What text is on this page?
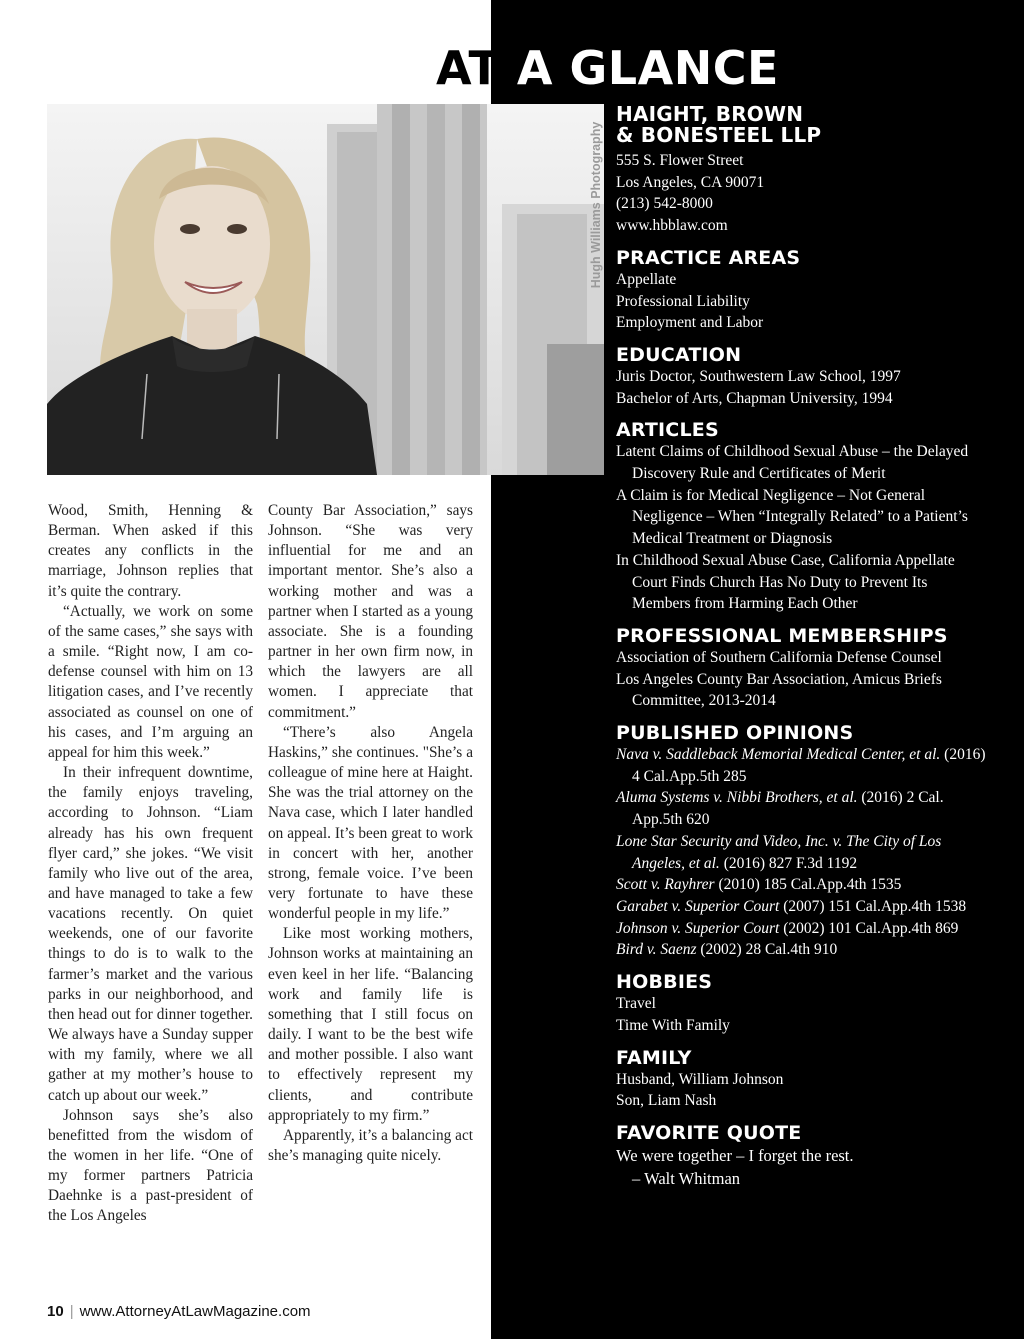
AT A GLANCE
Hugh Williams Photography

Wood, Smith, Henning & Berman. When asked if this creates any conflicts in the marriage, Johnson replies that it’s quite the contrary.

“Actually, we work on some of the same cases,” she says with a smile. “Right now, I am co-defense counsel with him on 13 litigation cases, and I’ve recently associated as counsel on one of his cases, and I’m arguing an appeal for him this week.”

In their infrequent downtime, the family enjoys traveling, according to Johnson. “Liam already has his own frequent flyer card,” she jokes. “We visit family who live out of the area, and have managed to take a few vacations recently. On quiet weekends, one of our favorite things to do is to walk to the farmer’s market and the various parks in our neighborhood, and then head out for dinner together. We always have a Sunday supper with my family, where we all gather at my mother’s house to catch up about our week.”

Johnson says she’s also benefitted from the wisdom of the women in her life. “One of my former partners Patricia Daehnke is a past-president of the Los Angeles

County Bar Association,” says Johnson. “She was very influential for me and an important mentor. She’s also a working mother and was a partner when I started as a young associate. She is a founding partner in her own firm now, in which the lawyers are all women. I appreciate that commitment.”

“There’s also Angela Haskins,” she continues. "She’s a colleague of mine here at Haight. She was the trial attorney on the Nava case, which I later handled on appeal. It’s been great to work in concert with her, another strong, female voice. I’ve been very fortunate to have these wonderful people in my life.”

Like most working mothers, Johnson works at maintaining an even keel in her life. “Balancing work and family life is something that I still focus on daily. I want to be the best wife and mother possible. I also want to effectively represent my clients, and contribute appropriately to my firm.”

Apparently, it’s a balancing act she’s managing quite nicely.

HAIGHT, BROWN

& BONESTEEL LLP

555 S. Flower Street

Los Angeles, CA 90071

(213) 542-8000

www.hbblaw.com

PRACTICE AREAS

Appellate

Professional Liability

Employment and Labor

EDUCATION

Juris Doctor, Southwestern Law School, 1997

Bachelor of Arts, Chapman University, 1994

ARTICLES

Latent Claims of Childhood Sexual Abuse – the Delayed Discovery Rule and Certificates of Merit

A Claim is for Medical Negligence – Not General Negligence – When “Integrally Related” to a Patient’s Medical Treatment or Diagnosis

In Childhood Sexual Abuse Case, California Appellate Court Finds Church Has No Duty to Prevent Its Members from Harming Each Other

PROFESSIONAL MEMBERSHIPS

Association of Southern California Defense Counsel

Los Angeles County Bar Association, Amicus Briefs Committee, 2013-2014

PUBLISHED OPINIONS

Nava v. Saddleback Memorial Medical Center, et al. (2016) 4 Cal.App.5th 285

Aluma Systems v. Nibbi Brothers, et al. (2016) 2 Cal. App.5th 620

Lone Star Security and Video, Inc. v. The City of Los Angeles, et al. (2016) 827 F.3d 1192

Scott v. Rayhrer (2010) 185 Cal.App.4th 1535

Garabet v. Superior Court (2007) 151 Cal.App.4th 1538

Johnson v. Superior Court (2002) 101 Cal.App.4th 869

Bird v. Saenz (2002) 28 Cal.4th 910

HOBBIES

Travel

Time With Family

FAMILY

Husband, William Johnson

Son, Liam Nash

FAVORITE QUOTE

We were together – I forget the rest.

– Walt Whitman

10 | www.AttorneyAtLawMagazine.com
